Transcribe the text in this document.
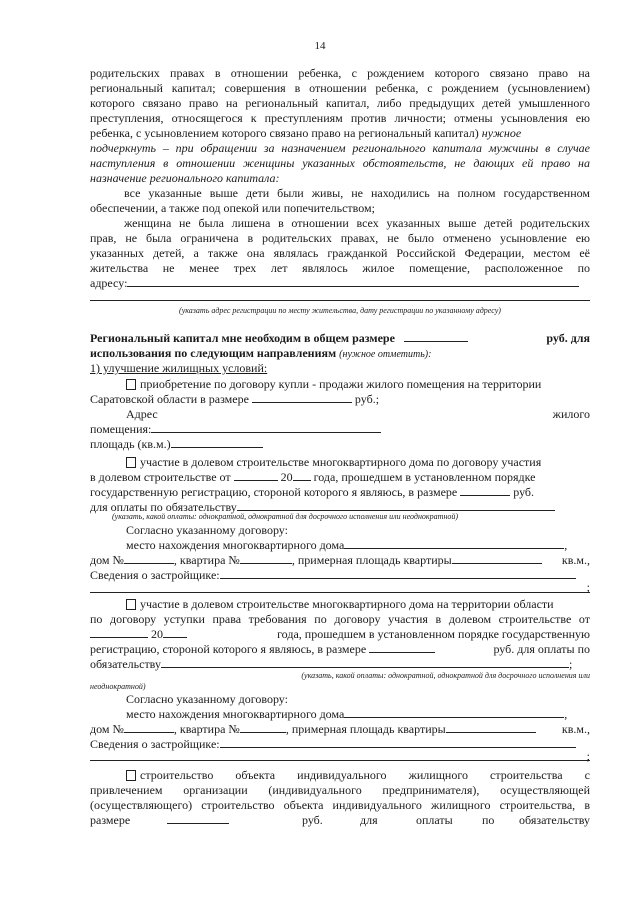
14
родительских правах в отношении ребенка, с рождением которого связано право на
региональный капитал; совершения в отношении ребенка, с рождением (усыновлением)
которого связано право на региональный капитал, либо предыдущих детей умышленного
преступления, относящегося к преступлениям против личности; отмены усыновления ею
ребенка, с усыновлением которого связано право на региональный капитал) нужное
подчеркнуть – при обращении за назначением регионального капитала мужчины в случае
наступления в отношении женщины указанных обстоятельств, не дающих ей право на
назначение регионального капитала:
все указанные выше дети были живы, не находились на полном государственном
обеспечении, а также под опекой или попечительством;
женщина не была лишена в отношении всех указанных выше детей родительских
прав, не была ограничена в родительских правах, не было отменено усыновление ею
указанных детей, а также она являлась гражданкой Российской Федерации, местом её
жительства не менее трех лет являлось жилое помещение, расположенное по
адресу:
(указать адрес регистрации по месту жительства, дату регистрации по указанному адресу)
Региональный капитал мне необходим в общем размере	руб. для
использования по следующим направлениям (нужное отметить):
1) улучшение жилищных условий:
приобретение по договору купли - продажи жилого помещения на территории
Саратовской области в размере	руб.;
Адрес	жилого
помещения:
площадь (кв.м.)
участие в долевом строительстве многоквартирного дома по договору участия
в долевом строительстве от	20 года, прошедшем в установленном порядке
государственную регистрацию, стороной которого я являюсь, в размере	руб.
для оплаты по обязательству
(указать, какой оплаты: однократной, однократной для досрочного исполнения или неоднократной)
Согласно указанному договору:
место нахождения многоквартирного дома	,
дом №	, квартира №	, примерная площадь квартиры	кв.м.,
Сведения о застройщике:
;
участие в долевом строительстве многоквартирного дома на территории области
по договору уступки права требования по договору участия в долевом строительстве от
20	года, прошедшем в установленном порядке государственную
регистрацию, стороной которого я являюсь, в размере	руб. для оплаты по
обязательству	;
(указать, какой оплаты: однократной, однократной для досрочного исполнения или
неоднократной)
Согласно указанному договору:
место нахождения многоквартирного дома	,
дом №	, квартира №	, примерная площадь квартиры	кв.м.,
Сведения о застройщике:
;
строительство объекта индивидуального жилищного строительства с
привлечением организации (индивидуального предпринимателя), осуществляющей
(осуществляющего) строительство объекта индивидуального жилищного строительства, в
размере	руб.	для	оплаты по обязательству
